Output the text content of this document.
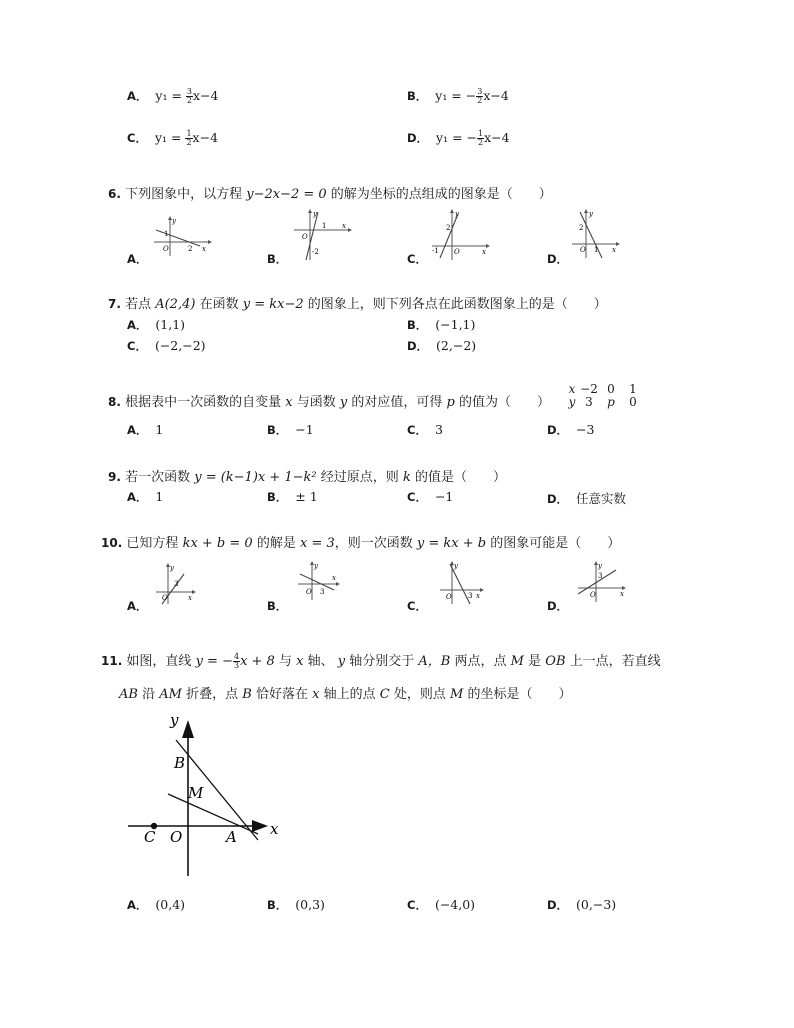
A． $y_1 = \frac{3}{2} x-4$	B． y₁ = − $\frac{3}{2} x-4$
C． $y_1 = \frac{1}{2} x-4$	D． y₁ = − $\frac{1}{2} x-4$
6. 下列图象中，以方程 y−2x−2 = 0 的解为坐标的点组成的图象是（　　）
A．	B．	C．	D．
y
1
O	2 x
y
O
1 x
-2
y
2
-1 O	x
y
2
O 1 x
7. 若点 A(2,4) 在函数 y = kx−2 的图象上，则下列各点在此函数图象上的是（　　）
A． (1,1)	B． (−1,1)
C． (−2,−2)	D． (2,−2)
8. 根据表中一次函数的自变量 x 与函数 y 的对应值，可得 p 的值为（　　）
x −2 0 1
y 3 p 0
A． 1	B． −1	C． 3	D． −3
9. 若一次函数 y = (k−1)x + 1−k² 经过原点，则 k 的值是（　　）
A． 1	B． ± 1	C． −1	D． 任意实数
10. 已知方程 kx + b = 0 的解是 x = 3，则一次函数 y = kx + b 的图象可能是（　　）
A．	B．	C．	D．
y
3
O	x
y
O 3
x
y
O 3 x
y
3
O	x
11. 如图，直线 y = − $\frac{4}{3}$ x + 8 与 x 轴、 y 轴分别交于 A，B 两点，点 M 是 OB 上一点，若直线
AB 沿 AM 折叠，点 B 恰好落在 x 轴上的点 C 处，则点 M 的坐标是（　　）
y
x
B
M
C O	A
A． (0,4)	B． (0,3)	C． (−4,0)	D． (0,−3)
